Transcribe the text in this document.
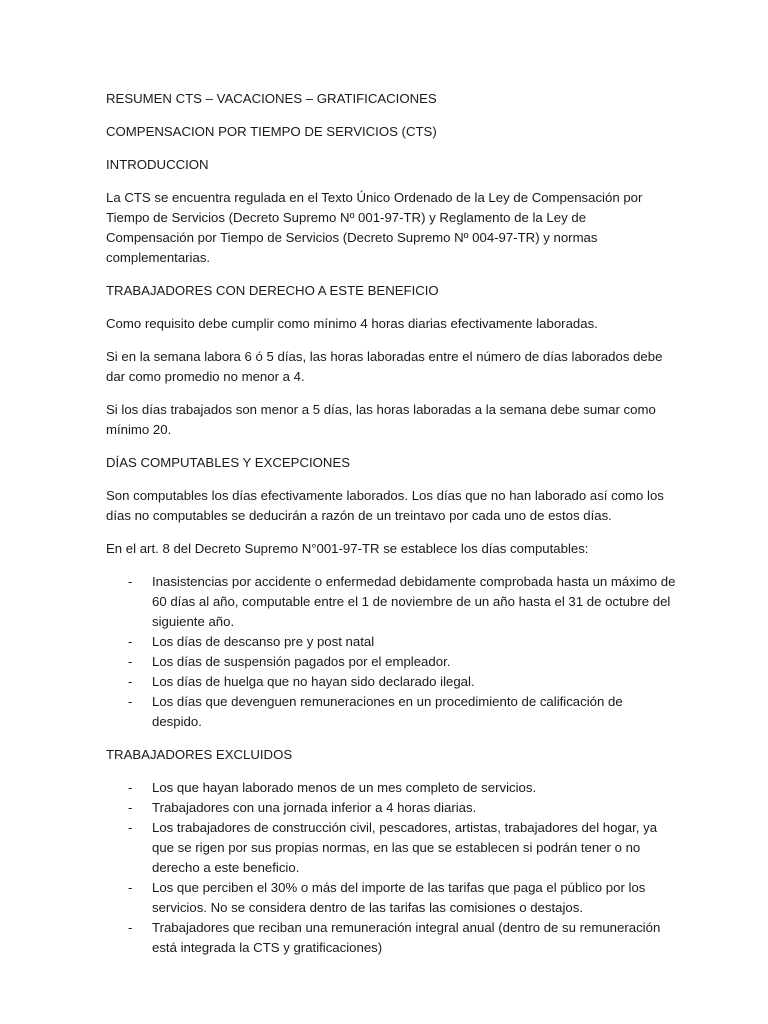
RESUMEN CTS – VACACIONES – GRATIFICACIONES

COMPENSACION POR TIEMPO DE SERVICIOS (CTS)

INTRODUCCION

La CTS se encuentra regulada en el Texto Único Ordenado de la Ley de Compensación por Tiempo de Servicios (Decreto Supremo Nº 001-97-TR) y Reglamento de la Ley de Compensación por Tiempo de Servicios (Decreto Supremo Nº 004-97-TR) y normas complementarias.

TRABAJADORES CON DERECHO A ESTE BENEFICIO

Como requisito debe cumplir como mínimo 4 horas diarias efectivamente laboradas.

Si en la semana labora 6 ó 5 días, las horas laboradas entre el número de días laborados debe dar como promedio no menor a 4.

Si los días trabajados son menor a 5 días, las horas laboradas a la semana debe sumar como mínimo 20.

DÍAS COMPUTABLES Y EXCEPCIONES

Son computables los días efectivamente laborados. Los días que no han laborado así como los días no computables se deducirán a razón de un treintavo por cada uno de estos días.

En el art. 8 del Decreto Supremo N°001-97-TR se establece los días computables:

- Inasistencias por accidente o enfermedad debidamente comprobada hasta un máximo de 60 días al año, computable entre el 1 de noviembre de un año hasta el 31 de octubre del siguiente año.
- Los días de descanso pre y post natal
- Los días de suspensión pagados por el empleador.
- Los días de huelga que no hayan sido declarado ilegal.
- Los días que devenguen remuneraciones en un procedimiento de calificación de despido.

TRABAJADORES EXCLUIDOS

- Los que hayan laborado menos de un mes completo de servicios.
- Trabajadores con una jornada inferior a 4 horas diarias.
- Los trabajadores de construcción civil, pescadores, artistas, trabajadores del hogar, ya que se rigen por sus propias normas, en las que se establecen si podrán tener o no derecho a este beneficio.
- Los que perciben el 30% o más del importe de las tarifas que paga el público por los servicios. No se considera dentro de las tarifas las comisiones o destajos.
- Trabajadores que reciban una remuneración integral anual (dentro de su remuneración está integrada la CTS y gratificaciones)
